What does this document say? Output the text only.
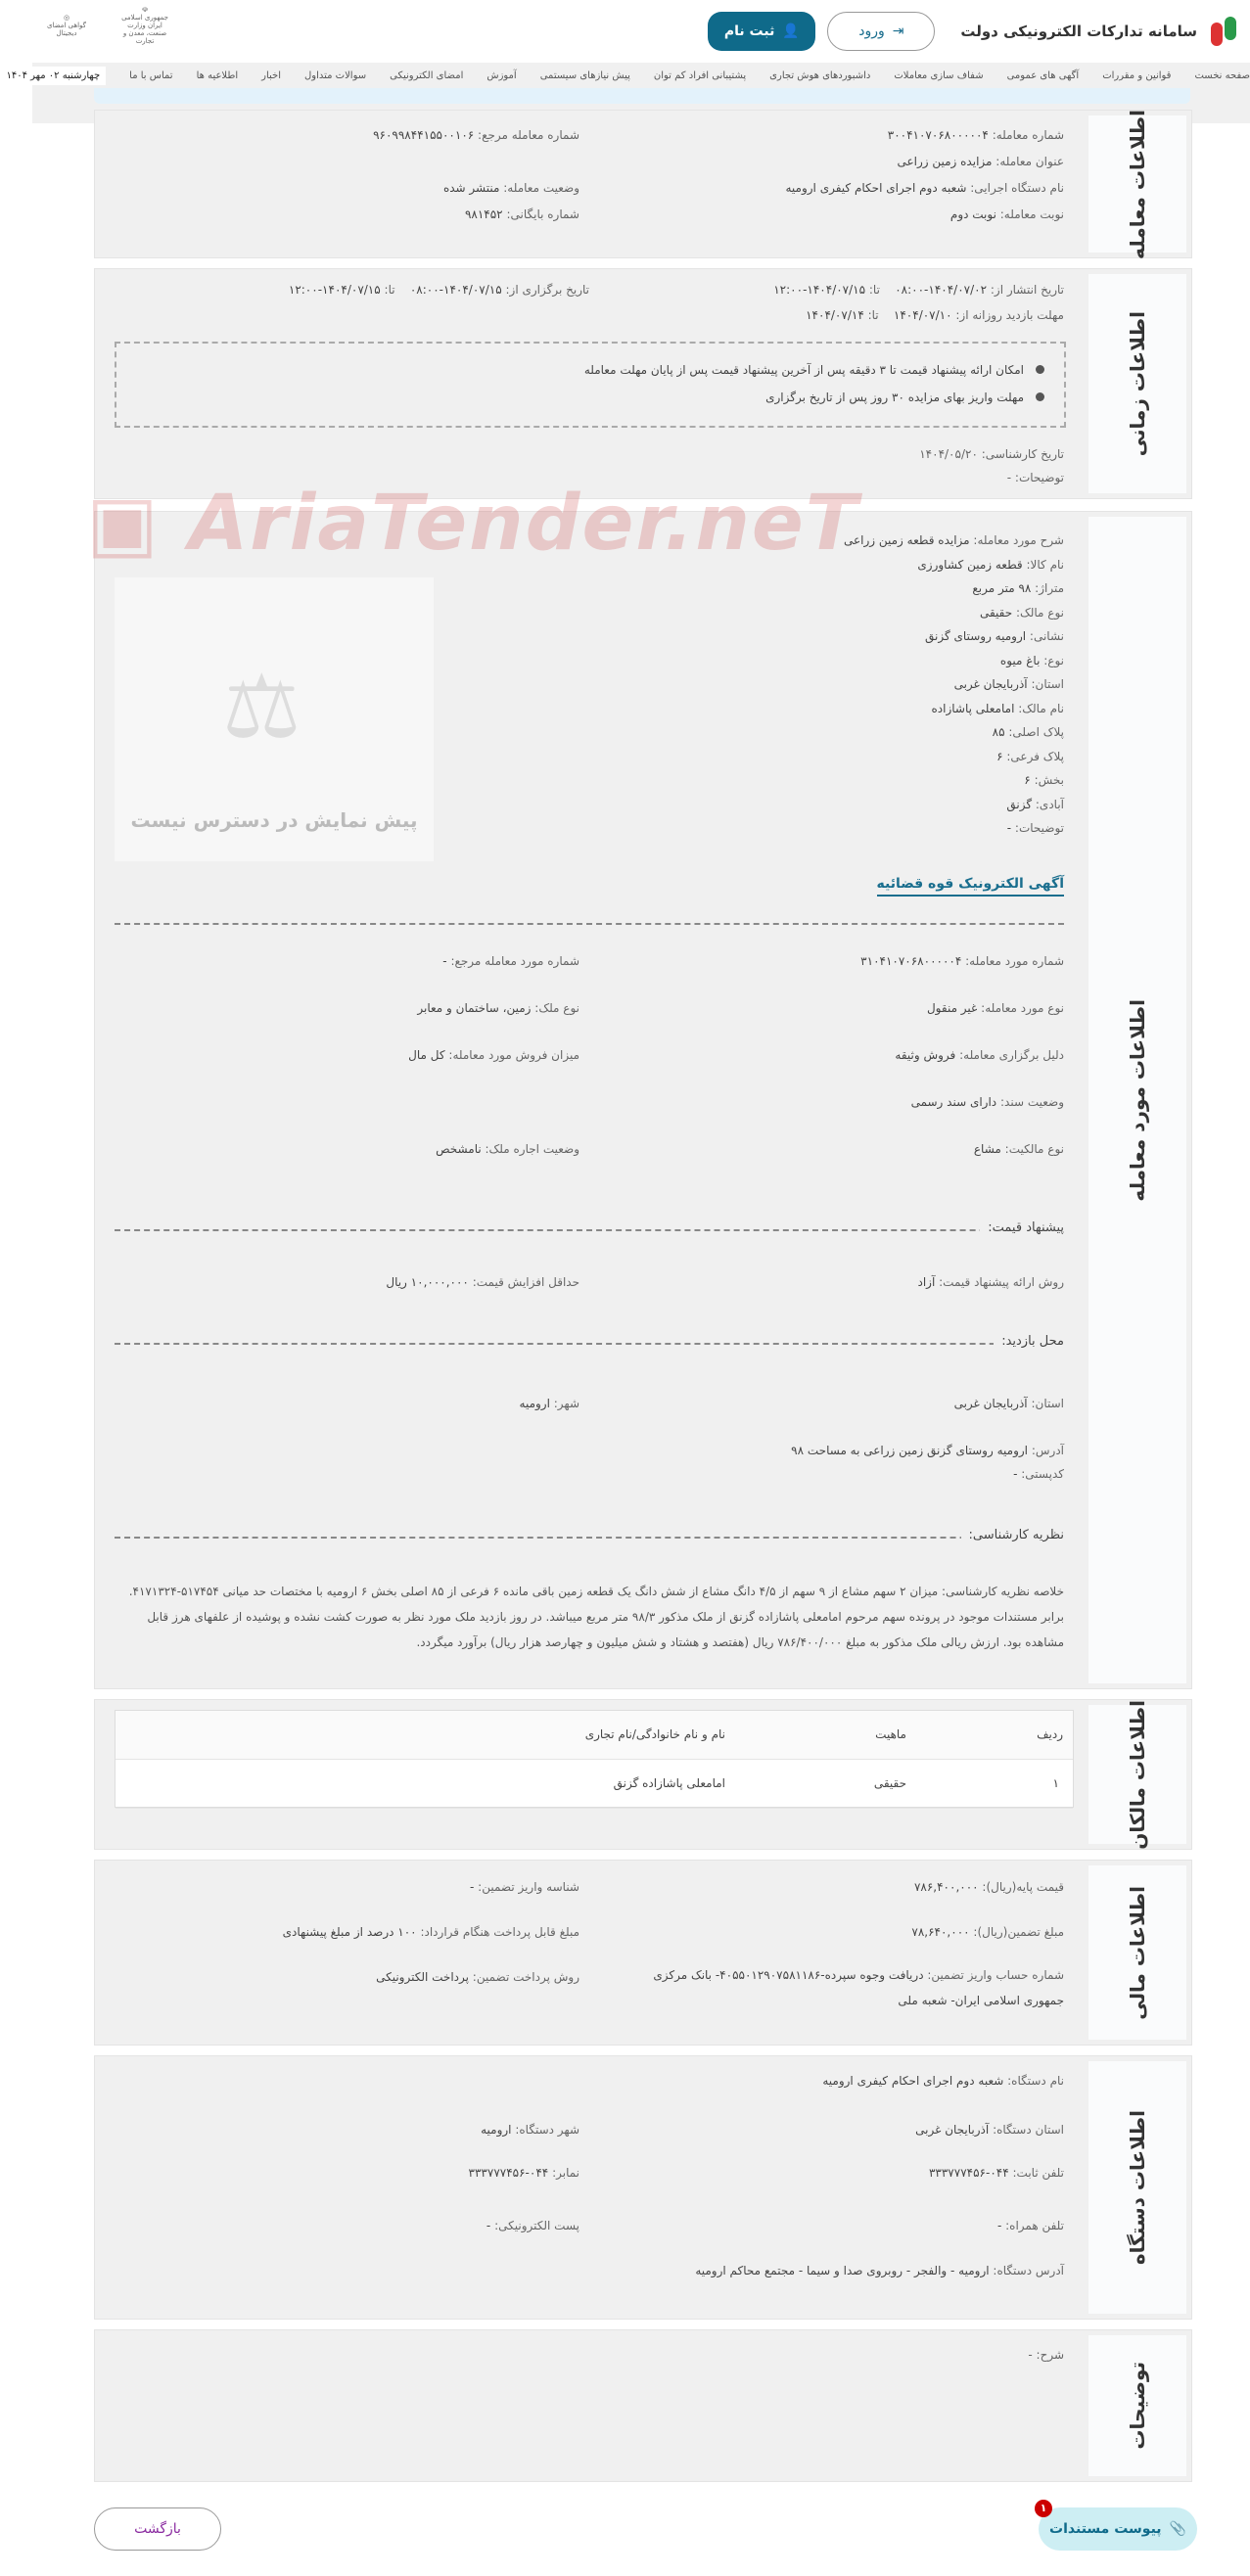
سامانه تدارکات الکترونیکی دولت
⇥
ورود
👤
ثبت نام
☫
جمهوری اسلامی ایران وزارت صنعت، معدن و تجارت
◎
گواهی امضای دیجیتال
صفحه نخست
قوانین و مقررات
آگهی های عمومی
شفاف سازی معاملات
داشبوردهای هوش تجاری
پشتیبانی افراد کم توان
پیش نیازهای سیستمی
آموزش
امضای الکترونیکی
سوالات متداول
اخبار
اطلاعیه ها
تماس با ما
چهارشنبه ۰۲ مهر ۱۴۰۴
اطلاعات معامله
شماره معامله: ۳۰۰۴۱۰۷۰۶۸۰۰۰۰۰۴
عنوان معامله: مزایده زمین زراعی
نام دستگاه اجرایی: شعبه دوم اجرای احکام کیفری ارومیه
نوبت معامله: نوبت دوم
شماره معامله مرجع: ۹۶۰۹۹۸۴۴۱۵۵۰۰۱۰۶
وضعیت معامله: منتشر شده
شماره بایگانی: ۹۸۱۴۵۲
اطلاعات زمانی
تاریخ انتشار از: ۱۴۰۴/۰۷/۰۲-۰۸:۰۰    تا: ۱۴۰۴/۰۷/۱۵-۱۲:۰۰
تاریخ برگزاری از: ۱۴۰۴/۰۷/۱۵-۰۸:۰۰    تا: ۱۴۰۴/۰۷/۱۵-۱۲:۰۰
مهلت بازدید روزانه از: ۱۴۰۴/۰۷/۱۰    تا: ۱۴۰۴/۰۷/۱۴
امکان ارائه پیشنهاد قیمت تا ۳ دقیقه پس از آخرین پیشنهاد قیمت پس از پایان مهلت معامله
مهلت واریز بهای مزایده ۳۰ روز پس از تاریخ برگزاری
تاریخ کارشناسی: ۱۴۰۴/۰۵/۲۰
توضیحات: -
اطلاعات مورد معامله
شرح مورد معامله: مزایده قطعه زمین زراعی
نام کالا: قطعه زمین کشاورزی
متراژ: ۹۸ متر مربع
نوع مالک: حقیقی
نشانی: ارومیه روستای گزنق
نوع: باغ میوه
استان: آذربایجان غربی
نام مالک: امامعلی پاشازاده
پلاک اصلی: ۸۵
پلاک فرعی: ۶
بخش: ۶
آبادی: گزنق
توضیحات: -
آگهی الکترونیک قوه قضائیه
شماره مورد معامله: ۳۱۰۴۱۰۷۰۶۸۰۰۰۰۰۴
شماره مورد معامله مرجع: -
نوع مورد معامله: غیر منقول
نوع ملک: زمین، ساختمان و معابر
دلیل برگزاری معامله: فروش وثیقه
میزان فروش مورد معامله: کل مال
وضعیت سند: دارای سند رسمی
نوع مالکیت: مشاع
وضعیت اجاره ملک: نامشخص
پیشنهاد قیمت:
روش ارائه پیشنهاد قیمت: آزاد
حداقل افزایش قیمت: ۱۰,۰۰۰,۰۰۰ ریال
محل بازدید:
استان: آذربایجان غربی
شهر: ارومیه
آدرس: ارومیه روستای گزنق زمین زراعی به مساحت ۹۸
کدپستی: -
نظریه کارشناسی:
خلاصه نظریه کارشناسی: میزان ۲ سهم مشاع از ۹ سهم از ۴/۵ دانگ مشاع از شش دانگ یک قطعه زمین باقی مانده ۶ فرعی از ۸۵ اصلی بخش ۶ ارومیه با مختصات حد میانی ۵۱۷۴۵۴-۴۱۷۱۳۲۴. برابر مستندات موجود در پرونده سهم مرحوم امامعلی پاشازاده گزنق از ملک مذکور ۹۸/۳ متر مربع میباشد. در روز بازدید ملک مورد نظر به صورت کشت نشده و پوشیده از علفهای هرز قابل مشاهده بود. ارزش ریالی ملک مذکور به مبلغ ۷۸۶/۴۰۰/۰۰۰ ریال (هفتصد و هشتاد و شش میلیون و چهارصد هزار ریال) برآورد میگردد.
▣ AriaTender.neT
⚖
پیش نمایش در دسترس نیست
اطلاعات مالکان
ردیف
ماهیت
نام و نام خانوادگی/نام تجاری
۱
حقیقی
امامعلی پاشازاده گزنق
اطلاعات مالی
قیمت پایه(ریال): ۷۸۶,۴۰۰,۰۰۰
شناسه واریز تضمین: -
مبلغ تضمین(ریال): ۷۸,۶۴۰,۰۰۰
مبلغ قابل پرداخت هنگام قرارداد: ۱۰۰ درصد از مبلغ پیشنهادی
شماره حساب واریز تضمین: دریافت وجوه سپرده-۴۰۵۵۰۱۲۹۰۷۵۸۱۱۸۶- بانک مرکزی جمهوری اسلامی ایران- شعبه ملی
روش پرداخت تضمین: پرداخت الکترونیکی
اطلاعات دستگاه
نام دستگاه: شعبه دوم اجرای احکام کیفری ارومیه
استان دستگاه: آذربایجان غربی
شهر دستگاه: ارومیه
تلفن ثابت: ۰۴۴-۳۳۳۷۷۷۴۵۶
نمابر: ۰۴۴-۳۳۳۷۷۷۴۵۶
تلفن همراه: -
پست الکترونیکی: -
آدرس دستگاه: ارومیه - والفجر - روبروی صدا و سیما - مجتمع محاکم ارومیه
توضیحات
شرح: -
بازگشت	📎
پیوست مستندات
۱
